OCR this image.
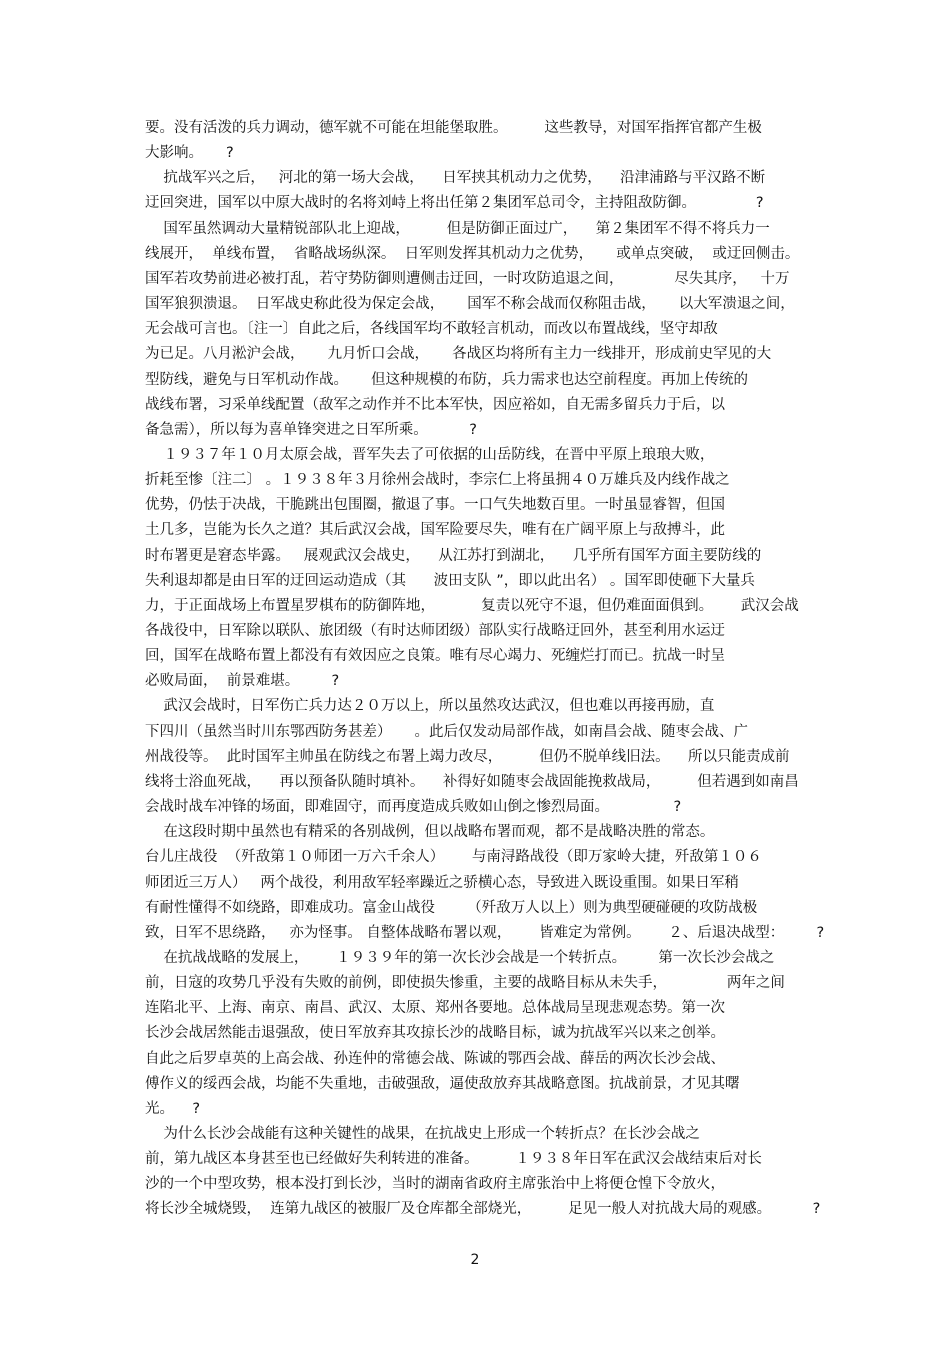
要。没有活泼的兵力调动，德军就不可能在坦能堡取胜。        这些教导，对国军指挥官都产生极
大影响。     ?
抗战军兴之后，   河北的第一场大会战，    日军挟其机动力之优势，    沿津浦路与平汉路不断
迂回突进，国军以中原大战时的名将刘峙上将出任第２集团军总司令，主持阻敌防御。             ?
国军虽然调动大量精锐部队北上迎战，        但是防御正面过广，    第２集团军不得不将兵力一
线展开，  单线布置，  省略战场纵深。  日军则发挥其机动力之优势，     或单点突破，  或迂回侧击。
国军若攻势前进必被打乱，若守势防御则遭侧击迂回，一时攻防追退之间，           尽失其序，   十万
国军狼狈溃退。  日军战史称此役为保定会战，     国军不称会战而仅称阻击战，     以大军溃退之间，
无会战可言也。〔注一〕自此之后，各线国军均不敢轻言机动，而改以布置战线，坚守却敌
为已足。八月淞沪会战，     九月忻口会战，     各战区均将所有主力一线排开，形成前史罕见的大
型防线，避免与日军机动作战。     但这种规模的布防，兵力需求也达空前程度。再加上传统的
战线布署，习采单线配置（敌军之动作并不比本军快，因应裕如，自无需多留兵力于后，以
备急需），所以每为喜单锋突进之日军所乘。         ?
１９３７年１０月太原会战，晋军失去了可依据的山岳防线，在晋中平原上琅琅大败，
折耗至惨〔注二〕 。１９３８年３月徐州会战时，李宗仁上将虽拥４０万雄兵及内线作战之
优势，仍怯于决战，干脆跳出包围圈，撤退了事。一口气失地数百里。一时虽显睿智，但国
土几多，岂能为长久之道？其后武汉会战，国军险要尽失，唯有在广阔平原上与敌搏斗，此
时布署更是窘态毕露。   展观武汉会战史，    从江苏打到湖北，    几乎所有国军方面主要防线的
失利退却都是由日军的迂回运动造成（其      波田支队 ”，即以此出名） 。国军即使砸下大量兵
力，于正面战场上布置星罗棋布的防御阵地，          复责以死守不退，但仍难面面俱到。      武汉会战
各战役中，日军除以联队、旅团级（有时达师团级）部队实行战略迂回外，甚至利用水运迂
回，国军在战略布置上都没有有效因应之良策。唯有尽心竭力、死缠烂打而已。抗战一时呈
必败局面，  前景难堪。       ?
武汉会战时，日军伤亡兵力达２０万以上，所以虽然攻达武汉，但也难以再接再励，直
下四川（虽然当时川东鄂西防务甚差）     。此后仅发动局部作战，如南昌会战、随枣会战、广
州战役等。  此时国军主帅虽在防线之布署上竭力改尽，        但仍不脱单线旧法。    所以只能责成前
线将士浴血死战，    再以预备队随时填补。    补得好如随枣会战固能挽救战局，        但若遇到如南昌
会战时战车冲锋的场面，即难固守，而再度造成兵败如山倒之惨烈局面。              ?
在这段时期中虽然也有精采的各别战例，但以战略布署而观，都不是战略决胜的常态。
台儿庄战役  （歼敌第１０师团一万六千余人）      与南浔路战役（即万家岭大捷，歼敌第１０６
师团近三万人）   两个战役，利用敌军轻率躁近之骄横心态，导致进入既设重围。如果日军稍
有耐性懂得不如绕路，即难成功。富金山战役       （歼敌万人以上）则为典型硬碰硬的攻防战极
致，日军不思绕路，   亦为怪事。 自整体战略布署以观，      皆难定为常例。      ２、后退决战型：       ?
在抗战战略的发展上，      １９３９年的第一次长沙会战是一个转折点。       第一次长沙会战之
前，日寇的攻势几乎没有失败的前例，即使损失惨重，主要的战略目标从未失手，             两年之间
连陷北平、上海、南京、南昌、武汉、太原、郑州各要地。总体战局呈现悲观态势。第一次
长沙会战居然能击退强敌，使日军放弃其攻掠长沙的战略目标，诚为抗战军兴以来之创举。
自此之后罗卓英的上高会战、孙连仲的常德会战、陈诚的鄂西会战、薛岳的两次长沙会战、
傅作义的绥西会战，均能不失重地，击破强敌，逼使敌放弃其战略意图。抗战前景，才见其曙
光。    ?
为什么长沙会战能有这种关键性的战果，在抗战史上形成一个转折点？在长沙会战之
前，第九战区本身甚至也已经做好失利转进的准备。        １９３８年日军在武汉会战结束后对长
沙的一个中型攻势，根本没打到长沙，当时的湖南省政府主席张治中上将便仓惶下令放火，
将长沙全城烧毁，  连第九战区的被服厂及仓库都全部烧光，        足见一般人对抗战大局的观感。         ?
2
